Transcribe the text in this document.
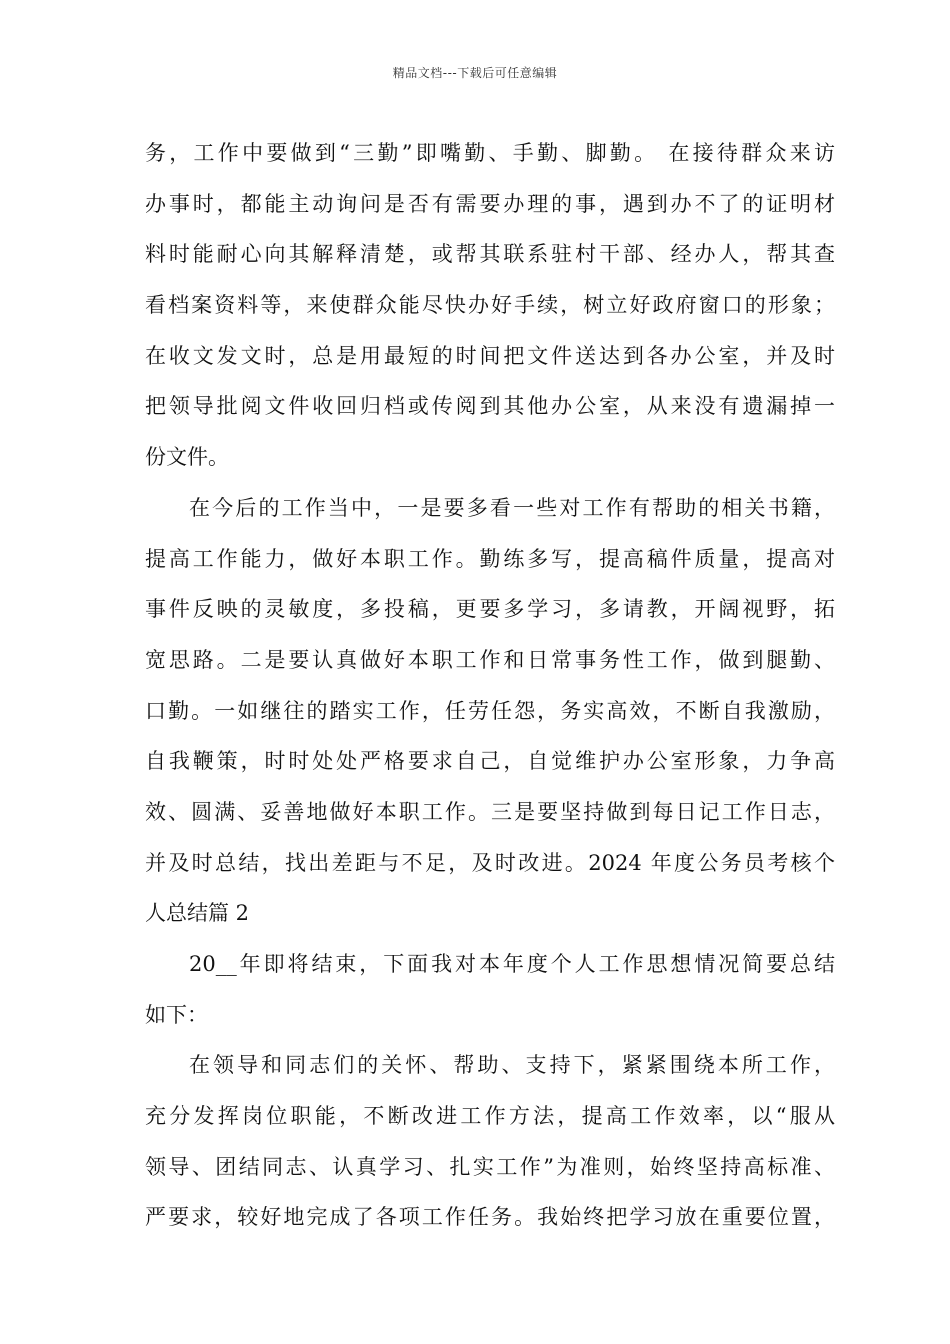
精品文档---下载后可任意编辑
务，工作中要做到“三勤”即嘴勤、手勤、脚勤。 在接待群众来访
办事时，都能主动询问是否有需要办理的事，遇到办不了的证明材
料时能耐心向其解释清楚，或帮其联系驻村干部、经办人，帮其查
看档案资料等，来使群众能尽快办好手续，树立好政府窗口的形象；
在收文发文时，总是用最短的时间把文件送达到各办公室，并及时
把领导批阅文件收回归档或传阅到其他办公室，从来没有遗漏掉一
份文件。
在今后的工作当中，一是要多看一些对工作有帮助的相关书籍，
提高工作能力，做好本职工作。勤练多写，提高稿件质量，提高对
事件反映的灵敏度，多投稿，更要多学习，多请教，开阔视野，拓
宽思路。二是要认真做好本职工作和日常事务性工作，做到腿勤、
口勤。一如继往的踏实工作，任劳任怨，务实高效，不断自我激励，
自我鞭策，时时处处严格要求自己，自觉维护办公室形象，力争高
效、圆满、妥善地做好本职工作。三是要坚持做到每日记工作日志，
并及时总结，找出差距与不足，及时改进。2024 年度公务员考核个
人总结篇 2
20__年即将结束，下面我对本年度个人工作思想情况简要总结
如下：
在领导和同志们的关怀、帮助、支持下，紧紧围绕本所工作，
充分发挥岗位职能，不断改进工作方法，提高工作效率，以“服从
领导、团结同志、认真学习、扎实工作”为准则，始终坚持高标准、
严要求，较好地完成了各项工作任务。我始终把学习放在重要位置，
